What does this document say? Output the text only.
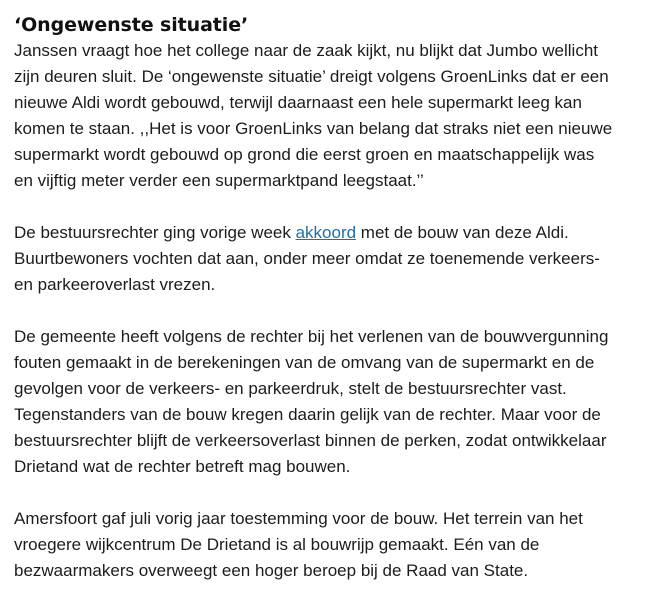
‘Ongewenste situatie’

Janssen vraagt hoe het college naar de zaak kijkt, nu blijkt dat Jumbo wellicht
zijn deuren sluit. De ‘ongewenste situatie’ dreigt volgens GroenLinks dat er een
nieuwe Aldi wordt gebouwd, terwijl daarnaast een hele supermarkt leeg kan
komen te staan. ,,Het is voor GroenLinks van belang dat straks niet een nieuwe
supermarkt wordt gebouwd op grond die eerst groen en maatschappelijk was
en vijftig meter verder een supermarktpand leegstaat.’’

De bestuursrechter ging vorige week akkoord met de bouw van deze Aldi.
Buurtbewoners vochten dat aan, onder meer omdat ze toenemende verkeers-
en parkeeroverlast vrezen.

De gemeente heeft volgens de rechter bij het verlenen van de bouwvergunning
fouten gemaakt in de berekeningen van de omvang van de supermarkt en de
gevolgen voor de verkeers- en parkeerdruk, stelt de bestuursrechter vast.
Tegenstanders van de bouw kregen daarin gelijk van de rechter. Maar voor de
bestuursrechter blijft de verkeersoverlast binnen de perken, zodat ontwikkelaar
Drietand wat de rechter betreft mag bouwen.

Amersfoort gaf juli vorig jaar toestemming voor de bouw. Het terrein van het
vroegere wijkcentrum De Drietand is al bouwrijp gemaakt. Eén van de
bezwaarmakers overweegt een hoger beroep bij de Raad van State.
